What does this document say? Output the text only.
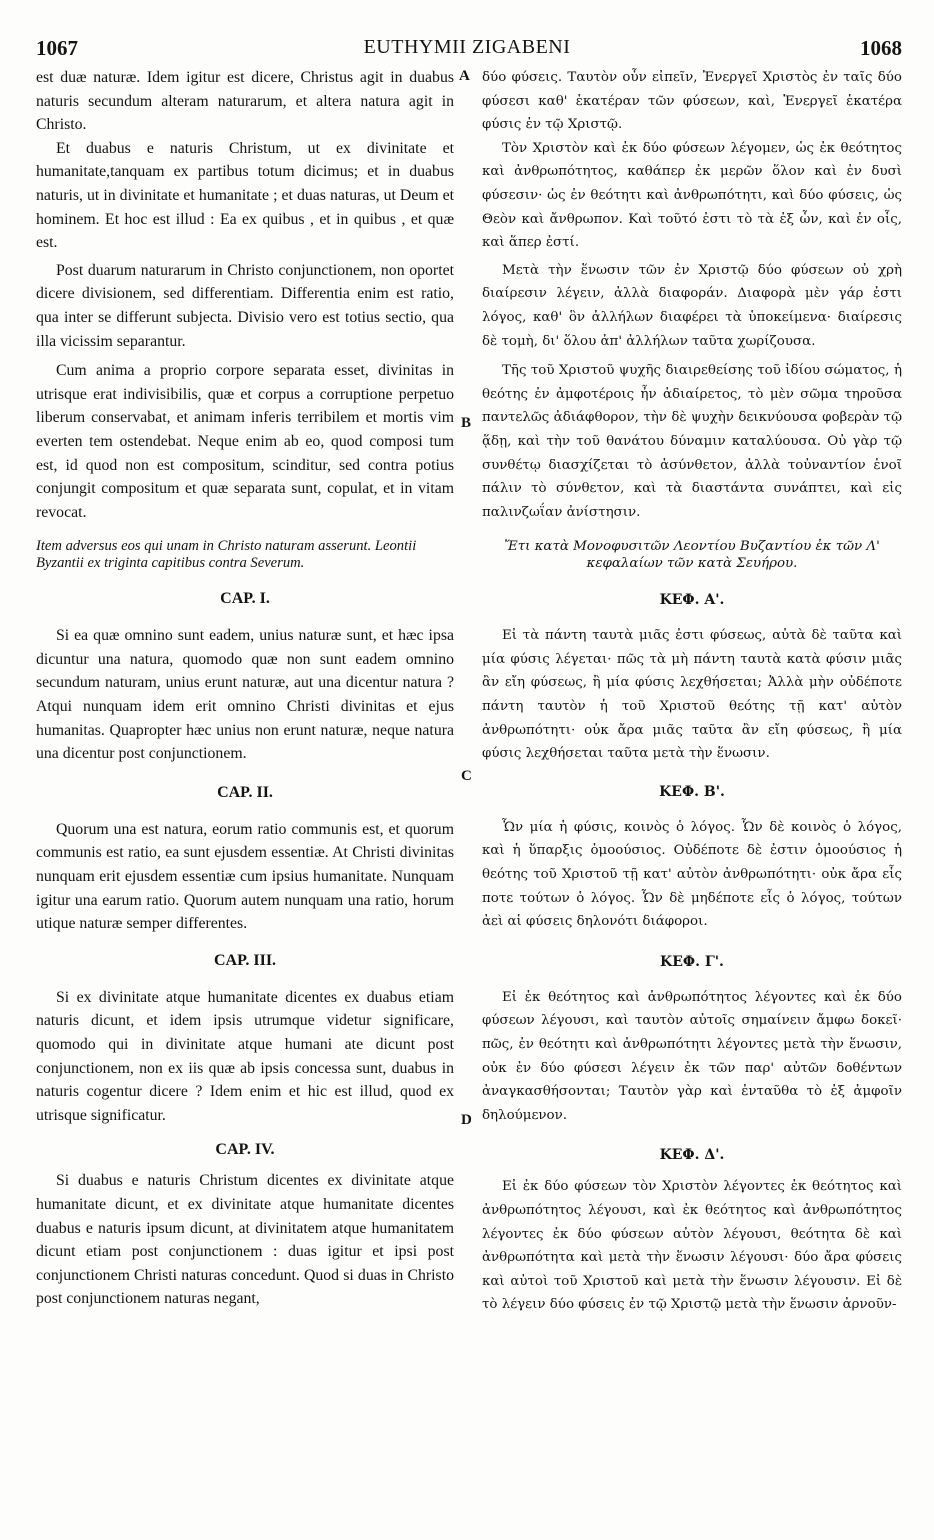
1067	EUTHYMII ZIGABENI	1068
A
B
C
D

est duæ naturæ. Idem igitur est dicere, Christus agit in duabus naturis secundum alteram naturarum, et altera natura agit in Christo.

Et duabus e naturis Christum, ut ex divinitate et humanitate,tanquam ex partibus totum dicimus; et in duabus naturis, ut in divinitate et humanitate ; et duas naturas, ut Deum et hominem. Et hoc est illud : Ea ex quibus , et in quibus , et quæ est.

Post duarum naturarum in Christo conjunctionem, non oportet dicere divisionem, sed differentiam. Differentia enim est ratio, qua inter se differunt subjecta. Divisio vero est totius sectio, qua illa vicissim separantur.

Cum anima a proprio corpore separata esset, divinitas in utrisque erat indivisibilis, quæ et corpus a corruptione perpetuo liberum conservabat, et animam inferis terribilem et mortis vim everten tem ostendebat. Neque enim ab eo, quod composi tum est, id quod non est compositum, scinditur, sed contra potius conjungit compositum et quæ separata sunt, copulat, et in vitam revocat.

Item adversus eos qui unam in Christo naturam asserunt. Leontii Byzantii ex triginta capitibus contra Severum.

CAP. I.

Si ea quæ omnino sunt eadem, unius naturæ sunt, et hæc ipsa dicuntur una natura, quomodo quæ non sunt eadem omnino secundum naturam, unius erunt naturæ, aut una dicentur natura ? Atqui nunquam idem erit omnino Christi divinitas et ejus humanitas. Quapropter hæc unius non erunt naturæ, neque natura una dicentur post conjunctionem.

CAP. II.

Quorum una est natura, eorum ratio communis est, et quorum communis est ratio, ea sunt ejusdem essentiæ. At Christi divinitas nunquam erit ejusdem essentiæ cum ipsius humanitate. Nunquam igitur una earum ratio. Quorum autem nunquam una ratio, horum utique naturæ semper differentes.

CAP. III.

Si ex divinitate atque humanitate dicentes ex duabus etiam naturis dicunt, et idem ipsis utrumque videtur significare, quomodo qui in divinitate atque humani ate dicunt post conjunctionem, non ex iis quæ ab ipsis concessa sunt, duabus in naturis cogentur dicere ? Idem enim et hic est illud, quod ex utrisque significatur.

CAP. IV.

Si duabus e naturis Christum dicentes ex divinitate atque humanitate dicunt, et ex divinitate atque humanitate dicentes duabus e naturis ipsum dicunt, at divinitatem atque humanitatem dicunt etiam post conjunctionem : duas igitur et ipsi post conjunctionem Christi naturas concedunt. Quod si duas in Christo post conjunctionem naturas negant,

δύο φύσεις. Ταυτὸν οὖν εἰπεῖν, Ἐνεργεῖ Χριστὸς ἐν ταῖς δύο φύσεσι καθ' ἑκατέραν τῶν φύσεων, καὶ, Ἐνεργεῖ ἑκατέρα φύσις ἐν τῷ Χριστῷ.

Τὸν Χριστὸν καὶ ἐκ δύο φύσεων λέγομεν, ὡς ἐκ θεότητος καὶ ἀνθρωπότητος, καθάπερ ἐκ μερῶν ὅλον καὶ ἐν δυσὶ φύσεσιν· ὡς ἐν θεότητι καὶ ἀνθρωπότητι, καὶ δύο φύσεις, ὡς Θεὸν καὶ ἄνθρωπον. Καὶ τοῦτό ἐστι τὸ τὰ ἐξ ὧν, καὶ ἐν οἷς, καὶ ἅπερ ἐστί.

Μετὰ τὴν ἕνωσιν τῶν ἐν Χριστῷ δύο φύσεων οὐ χρὴ διαίρεσιν λέγειν, ἀλλὰ διαφοράν. Διαφορὰ μὲν γάρ ἐστι λόγος, καθ' ὃν ἀλλήλων διαφέρει τὰ ὑποκείμενα· διαίρεσις δὲ τομὴ, δι' ὅλου ἀπ' ἀλλήλων ταῦτα χωρίζουσα.

Τῆς τοῦ Χριστοῦ ψυχῆς διαιρεθείσης τοῦ ἰδίου σώματος, ἡ θεότης ἐν ἀμφοτέροις ἦν ἀδιαίρετος, τὸ μὲν σῶμα τηροῦσα παντελῶς ἀδιάφθορον, τὴν δὲ ψυχὴν δεικνύουσα φοβερὰν τῷ ᾅδῃ, καὶ τὴν τοῦ θανάτου δύναμιν καταλύουσα. Οὐ γὰρ τῷ συνθέτῳ διασχίζεται τὸ ἀσύνθετον, ἀλλὰ τοὐναντίον ἑνοῖ πάλιν τὸ σύνθετον, καὶ τὰ διαστάντα συνάπτει, καὶ εἰς παλινζωΐαν ἀνίστησιν.

Ἔτι κατὰ Μονοφυσιτῶν Λεοντίου Βυζαντίου ἐκ τῶν Λ' κεφαλαίων τῶν κατὰ Σευήρου.

ΚΕΦ. Α'.

Εἰ τὰ πάντη ταυτὰ μιᾶς ἐστι φύσεως, αὐτὰ δὲ ταῦτα καὶ μία φύσις λέγεται· πῶς τὰ μὴ πάντη ταυτὰ κατὰ φύσιν μιᾶς ἂν εἴη φύσεως, ἢ μία φύσις λεχθήσεται; Ἀλλὰ μὴν οὐδέποτε πάντη ταυτὸν ἡ τοῦ Χριστοῦ θεότης τῇ κατ' αὐτὸν ἀνθρωπότητι· οὐκ ἄρα μιᾶς ταῦτα ἂν εἴη φύσεως, ἢ μία φύσις λεχθήσεται ταῦτα μετὰ τὴν ἕνωσιν.

ΚΕΦ. Β'.

Ὧν μία ἡ φύσις, κοινὸς ὁ λόγος. Ὧν δὲ κοινὸς ὁ λόγος, καὶ ἡ ὕπαρξις ὁμοούσιος. Οὐδέποτε δὲ ἐστιν ὁμοούσιος ἡ θεότης τοῦ Χριστοῦ τῇ κατ' αὐτὸν ἀνθρωπότητι· οὐκ ἄρα εἷς ποτε τούτων ὁ λόγος. Ὧν δὲ μηδέποτε εἷς ὁ λόγος, τούτων ἀεὶ αἱ φύσεις δηλονότι διάφοροι.

ΚΕΦ. Γ'.

Εἰ ἐκ θεότητος καὶ ἀνθρωπότητος λέγοντες καὶ ἐκ δύο φύσεων λέγουσι, καὶ ταυτὸν αὐτοῖς σημαίνειν ἄμφω δοκεῖ· πῶς, ἐν θεότητι καὶ ἀνθρωπότητι λέγοντες μετὰ τὴν ἕνωσιν, οὐκ ἐν δύο φύσεσι λέγειν ἐκ τῶν παρ' αὐτῶν δοθέντων ἀναγκασθήσονται; Ταυτὸν γὰρ καὶ ἐνταῦθα τὸ ἐξ ἀμφοῖν δηλούμενον.

ΚΕΦ. Δ'.

Εἰ ἐκ δύο φύσεων τὸν Χριστὸν λέγοντες ἐκ θεότητος καὶ ἀνθρωπότητος λέγουσι, καὶ ἐκ θεότητος καὶ ἀνθρωπότητος λέγοντες ἐκ δύο φύσεων αὐτὸν λέγουσι, θεότητα δὲ καὶ ἀνθρωπότητα καὶ μετὰ τὴν ἕνωσιν λέγουσι· δύο ἄρα φύσεις καὶ αὐτοὶ τοῦ Χριστοῦ καὶ μετὰ τὴν ἕνωσιν λέγουσιν. Εἰ δὲ τὸ λέγειν δύο φύσεις ἐν τῷ Χριστῷ μετὰ τὴν ἕνωσιν ἀρνοῦν-
